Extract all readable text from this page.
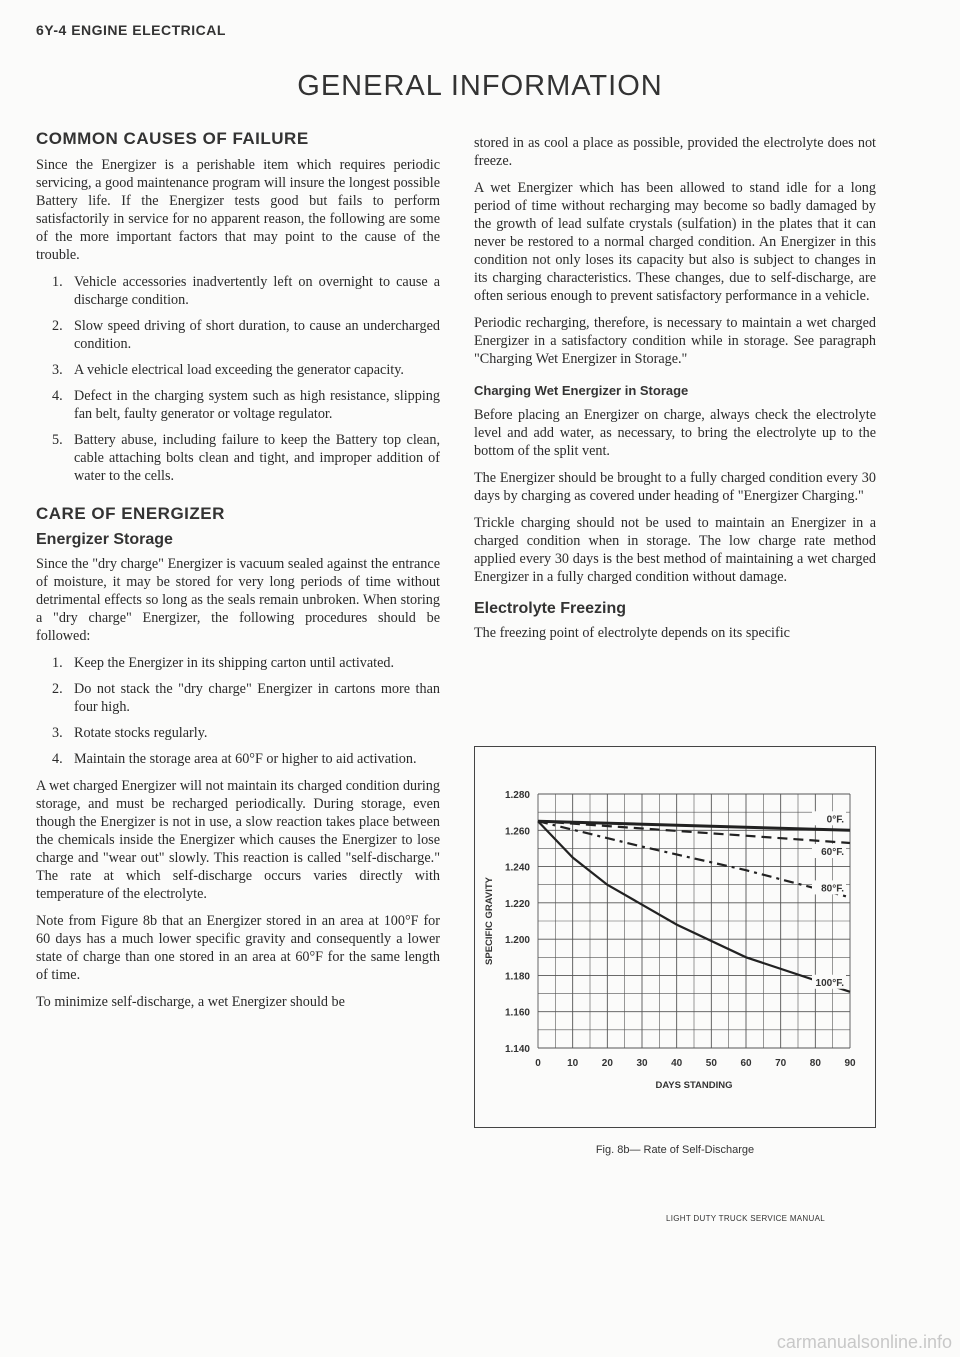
6Y-4 ENGINE ELECTRICAL
GENERAL INFORMATION
COMMON CAUSES OF FAILURE

Since the Energizer is a perishable item which requires periodic servicing, a good maintenance program will insure the longest possible Battery life. If the Energizer tests good but fails to perform satisfactorily in service for no apparent reason, the following are some of the more important factors that may point to the cause of the trouble.

1. Vehicle accessories inadvertently left on overnight to cause a discharge condition.
2. Slow speed driving of short duration, to cause an undercharged condition.
3. A vehicle electrical load exceeding the generator capacity.
4. Defect in the charging system such as high resistance, slipping fan belt, faulty generator or voltage regulator.
5. Battery abuse, including failure to keep the Battery top clean, cable attaching bolts clean and tight, and improper addition of water to the cells.
CARE OF ENERGIZER
Energizer Storage

Since the "dry charge" Energizer is vacuum sealed against the entrance of moisture, it may be stored for very long periods of time without detrimental effects so long as the seals remain unbroken. When storing a "dry charge" Energizer, the following procedures should be followed:

1. Keep the Energizer in its shipping carton until activated.
2. Do not stack the "dry charge" Energizer in cartons more than four high.
3. Rotate stocks regularly.
4. Maintain the storage area at 60°F or higher to aid activation.

A wet charged Energizer will not maintain its charged condition during storage, and must be recharged periodically. During storage, even though the Energizer is not in use, a slow reaction takes place between the chemicals inside the Energizer which causes the Energizer to lose charge and "wear out" slowly. This reaction is called "self-discharge." The rate at which self-discharge occurs varies directly with temperature of the electrolyte.

Note from Figure 8b that an Energizer stored in an area at 100°F for 60 days has a much lower specific gravity and consequently a lower state of charge than one stored in an area at 60°F for the same length of time.

To minimize self-discharge, a wet Energizer should be

stored in as cool a place as possible, provided the electrolyte does not freeze.

A wet Energizer which has been allowed to stand idle for a long period of time without recharging may become so badly damaged by the growth of lead sulfate crystals (sulfation) in the plates that it can never be restored to a normal charged condition. An Energizer in this condition not only loses its capacity but also is subject to changes in its charging characteristics. These changes, due to self-discharge, are often serious enough to prevent satisfactory performance in a vehicle.

Periodic recharging, therefore, is necessary to maintain a wet charged Energizer in a satisfactory condition while in storage. See paragraph "Charging Wet Energizer in Storage."

Charging Wet Energizer in Storage

Before placing an Energizer on charge, always check the electrolyte level and add water, as necessary, to bring the electrolyte up to the bottom of the split vent.

The Energizer should be brought to a fully charged condition every 30 days by charging as covered under heading of "Energizer Charging."

Trickle charging should not be used to maintain an Energizer in a charged condition when in storage. The low charge rate method applied every 30 days is the best method of maintaining a wet charged Energizer in a fully charged condition without damage.

Electrolyte Freezing

The freezing point of electrolyte depends on its specific

1.280
1.260
1.240
1.220
1.200
1.180
1.160
1.140
0	10 20 30 40 50 60 70 80 90
DAYS STANDING
SPECIFIC GRAVITY
0°F.
60°F.
80°F.
100°F.
Fig. 8b— Rate of Self-Discharge
LIGHT DUTY TRUCK SERVICE MANUAL
carmanualsonline.info
